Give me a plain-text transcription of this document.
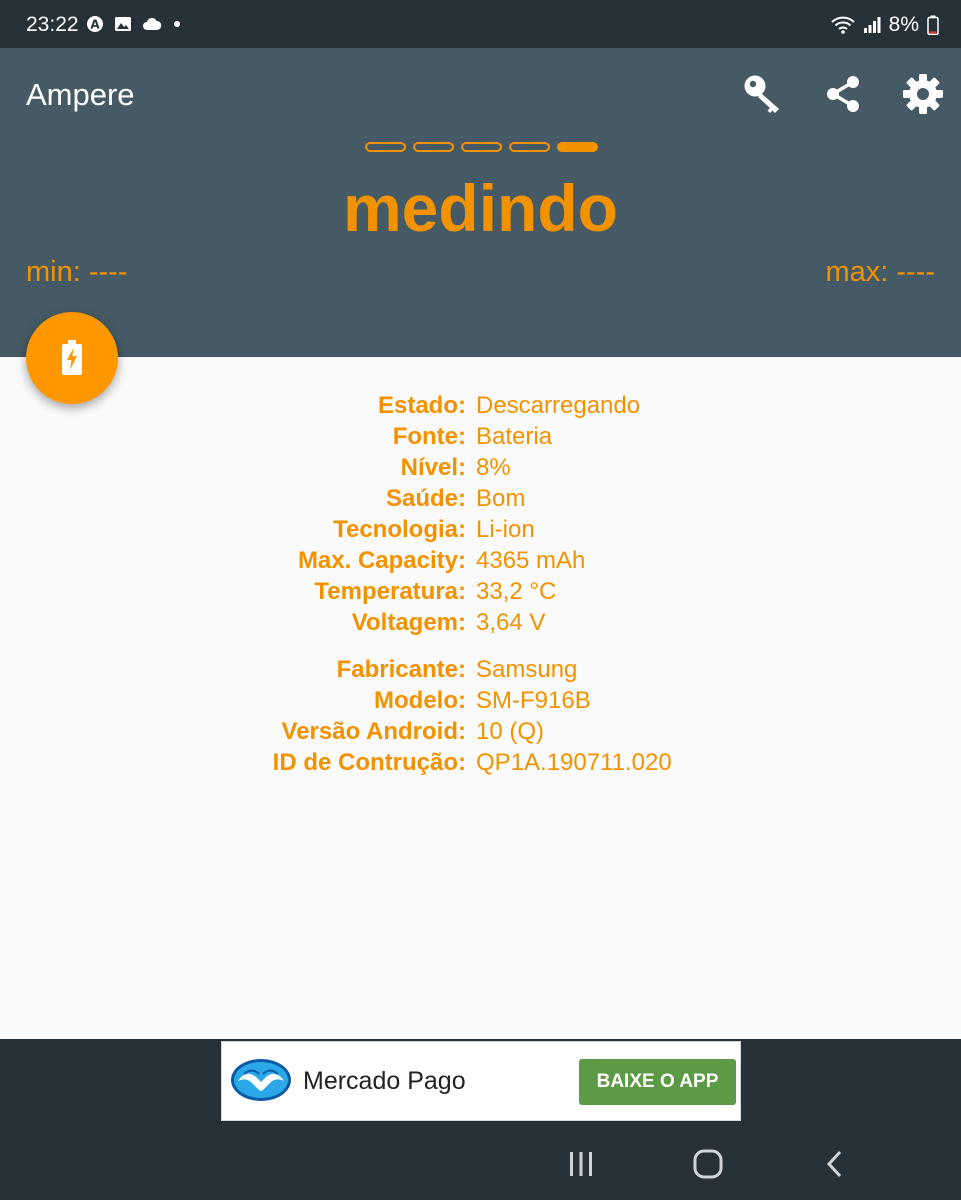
23:22 A	8%
Ampere
medindo
min: ----	max: ----
Estado: Descarregando
Fonte: Bateria
Nível: 8%
Saúde: Bom
Tecnologia: Li-ion
Max. Capacity: 4365 mAh
Temperatura: 33,2 °C
Voltagem: 3,64 V
Fabricante: Samsung
Modelo: SM-F916B
Versão Android: 10 (Q)
ID de Contrução: QP1A.190711.020
Mercado Pago	BAIXE O APP
